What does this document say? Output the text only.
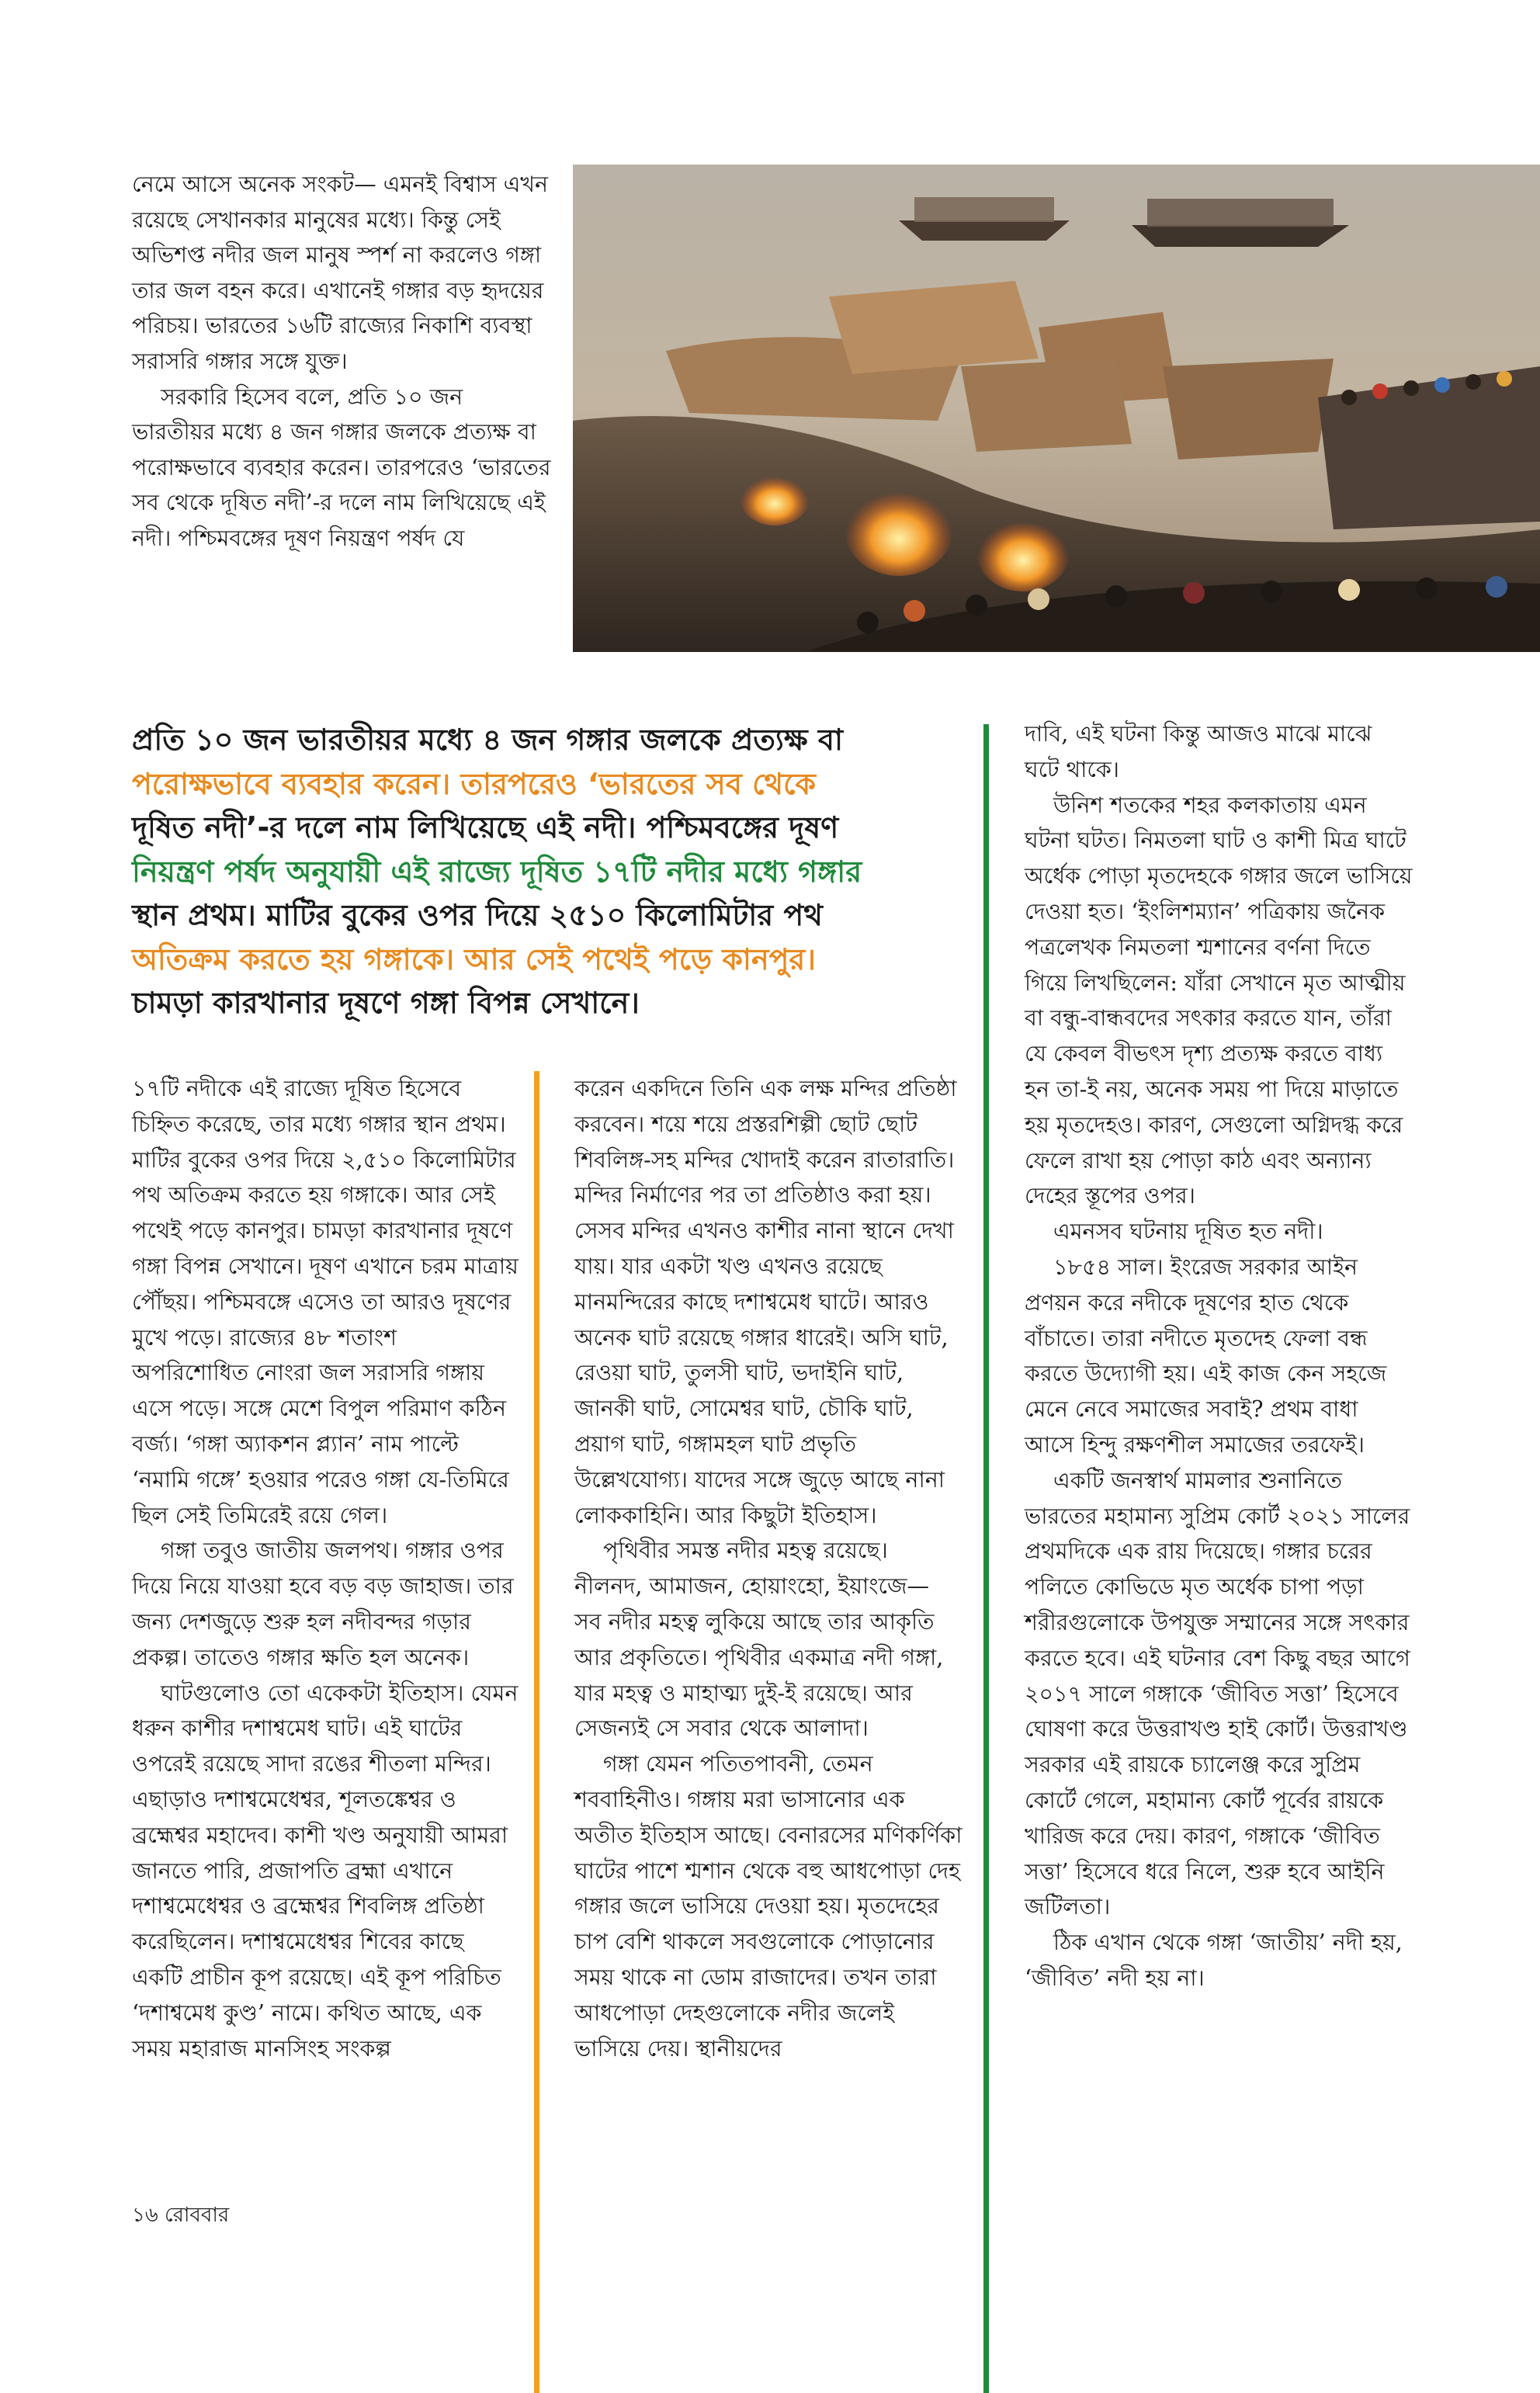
নেমে আসে অনেক সংকট— এমনই বিশ্বাস এখন রয়েছে সেখানকার মানুষের মধ্যে। কিন্তু সেই অভিশপ্ত নদীর জল মানুষ স্পর্শ না করলেও গঙ্গা তার জল বহন করে। এখানেই গঙ্গার বড় হৃদয়ের পরিচয়। ভারতের ১৬টি রাজ্যের নিকাশি ব্যবস্থা সরাসরি গঙ্গার সঙ্গে যুক্ত।

সরকারি হিসেব বলে, প্রতি ১০ জন ভারতীয়র মধ্যে ৪ জন গঙ্গার জলকে প্রত্যক্ষ বা পরোক্ষভাবে ব্যবহার করেন। তারপরেও ‘ভারতের সব থেকে দূষিত নদী’-র দলে নাম লিখিয়েছে এই নদী। পশ্চিমবঙ্গের দূষণ নিয়ন্ত্রণ পর্ষদ যে

প্রতি ১০ জন ভারতীয়র মধ্যে ৪ জন গঙ্গার জলকে প্রত্যক্ষ বা
পরোক্ষভাবে ব্যবহার করেন। তারপরেও ‘ভারতের সব থেকে
দূষিত নদী’-র দলে নাম লিখিয়েছে এই নদী। পশ্চিমবঙ্গের দূষণ
নিয়ন্ত্রণ পর্ষদ অনুযায়ী এই রাজ্যে দূষিত ১৭টি নদীর মধ্যে গঙ্গার
স্থান প্রথম। মাটির বুকের ওপর দিয়ে ২৫১০ কিলোমিটার পথ
অতিক্রম করতে হয় গঙ্গাকে। আর সেই পথেই পড়ে কানপুর।
চামড়া কারখানার দূষণে গঙ্গা বিপন্ন সেখানে।

১৭টি নদীকে এই রাজ্যে দূষিত হিসেবে চিহ্নিত করেছে, তার মধ্যে গঙ্গার স্থান প্রথম। মাটির বুকের ওপর দিয়ে ২,৫১০ কিলোমিটার পথ অতিক্রম করতে হয় গঙ্গাকে। আর সেই পথেই পড়ে কানপুর। চামড়া কারখানার দূষণে গঙ্গা বিপন্ন সেখানে। দূষণ এখানে চরম মাত্রায় পৌঁছয়। পশ্চিমবঙ্গে এসেও তা আরও দূষণের মুখে পড়ে। রাজ্যের ৪৮ শতাংশ অপরিশোধিত নোংরা জল সরাসরি গঙ্গায় এসে পড়ে। সঙ্গে মেশে বিপুল পরিমাণ কঠিন বর্জ্য। ‘গঙ্গা অ্যাকশন প্ল্যান’ নাম পাল্টে ‘নমামি গঙ্গে’ হওয়ার পরেও গঙ্গা যে-তিমিরে ছিল সেই তিমিরেই রয়ে গেল।

গঙ্গা তবুও জাতীয় জলপথ। গঙ্গার ওপর দিয়ে নিয়ে যাওয়া হবে বড় বড় জাহাজ। তার জন্য দেশজুড়ে শুরু হল নদীবন্দর গড়ার প্রকল্প। তাতেও গঙ্গার ক্ষতি হল অনেক।

ঘাটগুলোও তো একেকটা ইতিহাস। যেমন ধরুন কাশীর দশাশ্বমেধ ঘাট। এই ঘাটের ওপরেই রয়েছে সাদা রঙের শীতলা মন্দির। এছাড়াও দশাশ্বমেধেশ্বর, শূলতঙ্কেশ্বর ও ব্রহ্মেশ্বর মহাদেব। কাশী খণ্ড অনুযায়ী আমরা জানতে পারি, প্রজাপতি ব্রহ্মা এখানে দশাশ্বমেধেশ্বর ও ব্রহ্মেশ্বর শিবলিঙ্গ প্রতিষ্ঠা করেছিলেন। দশাশ্বমেধেশ্বর শিবের কাছে একটি প্রাচীন কূপ রয়েছে। এই কূপ পরিচিত ‘দশাশ্বমেধ কুণ্ড’ নামে। কথিত আছে, এক সময় মহারাজ মানসিংহ সংকল্প

করেন একদিনে তিনি এক লক্ষ মন্দির প্রতিষ্ঠা করবেন। শয়ে শয়ে প্রস্তরশিল্পী ছোট ছোট শিবলিঙ্গ-সহ মন্দির খোদাই করেন রাতারাতি। মন্দির নির্মাণের পর তা প্রতিষ্ঠাও করা হয়। সেসব মন্দির এখনও কাশীর নানা স্থানে দেখা যায়। যার একটা খণ্ড এখনও রয়েছে মানমন্দিরের কাছে দশাশ্বমেধ ঘাটে। আরও অনেক ঘাট রয়েছে গঙ্গার ধারেই। অসি ঘাট, রেওয়া ঘাট, তুলসী ঘাট, ভদাইনি ঘাট, জানকী ঘাট, সোমেশ্বর ঘাট, চৌকি ঘাট, প্রয়াগ ঘাট, গঙ্গামহল ঘাট প্রভৃতি উল্লেখযোগ্য। যাদের সঙ্গে জুড়ে আছে নানা লোককাহিনি। আর কিছুটা ইতিহাস।

পৃথিবীর সমস্ত নদীর মহত্ব রয়েছে। নীলনদ, আমাজন, হোয়াংহো, ইয়াংজে— সব নদীর মহত্ব লুকিয়ে আছে তার আকৃতি আর প্রকৃতিতে। পৃথিবীর একমাত্র নদী গঙ্গা, যার মহত্ব ও মাহাত্ম্য দুই-ই রয়েছে। আর সেজন্যই সে সবার থেকে আলাদা।

গঙ্গা যেমন পতিতপাবনী, তেমন শববাহিনীও। গঙ্গায় মরা ভাসানোর এক অতীত ইতিহাস আছে। বেনারসের মণিকর্ণিকা ঘাটের পাশে শ্মশান থেকে বহু আধপোড়া দেহ গঙ্গার জলে ভাসিয়ে দেওয়া হয়। মৃতদেহের চাপ বেশি থাকলে সবগুলোকে পোড়ানোর সময় থাকে না ডোম রাজাদের। তখন তারা আধপোড়া দেহগুলোকে নদীর জলেই ভাসিয়ে দেয়। স্থানীয়দের

দাবি, এই ঘটনা কিন্তু আজও মাঝে মাঝে ঘটে থাকে।

উনিশ শতকের শহর কলকাতায় এমন ঘটনা ঘটত। নিমতলা ঘাট ও কাশী মিত্র ঘাটে অর্ধেক পোড়া মৃতদেহকে গঙ্গার জলে ভাসিয়ে দেওয়া হত। ‘ইংলিশম্যান’ পত্রিকায় জনৈক পত্রলেখক নিমতলা শ্মশানের বর্ণনা দিতে গিয়ে লিখছিলেন: যাঁরা সেখানে মৃত আত্মীয় বা বন্ধু-বান্ধবদের সৎকার করতে যান, তাঁরা যে কেবল বীভৎস দৃশ্য প্রত্যক্ষ করতে বাধ্য হন তা-ই নয়, অনেক সময় পা দিয়ে মাড়াতে হয় মৃতদেহও। কারণ, সেগুলো অগ্নিদগ্ধ করে ফেলে রাখা হয় পোড়া কাঠ এবং অন্যান্য দেহের স্তূপের ওপর।

এমনসব ঘটনায় দূষিত হত নদী।

১৮৫৪ সাল। ইংরেজ সরকার আইন প্রণয়ন করে নদীকে দূষণের হাত থেকে বাঁচাতে। তারা নদীতে মৃতদেহ ফেলা বন্ধ করতে উদ্যোগী হয়। এই কাজ কেন সহজে মেনে নেবে সমাজের সবাই? প্রথম বাধা আসে হিন্দু রক্ষণশীল সমাজের তরফেই।

একটি জনস্বার্থ মামলার শুনানিতে ভারতের মহামান্য সুপ্রিম কোর্ট ২০২১ সালের প্রথমদিকে এক রায় দিয়েছে। গঙ্গার চরের পলিতে কোভিডে মৃত অর্ধেক চাপা পড়া শরীরগুলোকে উপযুক্ত সম্মানের সঙ্গে সৎকার করতে হবে। এই ঘটনার বেশ কিছু বছর আগে ২০১৭ সালে গঙ্গাকে ‘জীবিত সত্তা’ হিসেবে ঘোষণা করে উত্তরাখণ্ড হাই কোর্ট। উত্তরাখণ্ড সরকার এই রায়কে চ্যালেঞ্জ করে সুপ্রিম কোর্টে গেলে, মহামান্য কোর্ট পূর্বের রায়কে খারিজ করে দেয়। কারণ, গঙ্গাকে ‘জীবিত সত্তা’ হিসেবে ধরে নিলে, শুরু হবে আইনি জটিলতা।

ঠিক এখান থেকে গঙ্গা ‘জাতীয়’ নদী হয়, ‘জীবিত’ নদী হয় না।

১৬ রোববার
